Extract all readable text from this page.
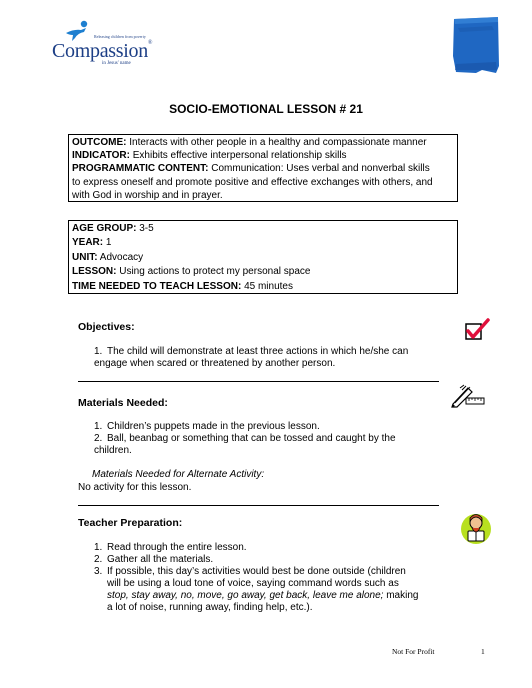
Releasing children from poverty
Compassion®
in Jesus' name
SOCIO-EMOTIONAL LESSON # 21
OUTCOME: Interacts with other people in a healthy and compassionate manner
INDICATOR: Exhibits effective interpersonal relationship skills
PROGRAMMATIC CONTENT: Communication: Uses verbal and nonverbal skills
to express oneself and promote positive and effective exchanges with others, and
with God in worship and in prayer.
AGE GROUP: 3-5
YEAR: 1
UNIT: Advocacy
LESSON: Using actions to protect my personal space
TIME NEEDED TO TEACH LESSON: 45 minutes
Objectives:
1. The child will demonstrate at least three actions in which he/she can
engage when scared or threatened by another person.
Materials Needed:
1. Children’s puppets made in the previous lesson.
2. Ball, beanbag or something that can be tossed and caught by the
children.
Materials Needed for Alternate Activity:
No activity for this lesson.
Teacher Preparation:
1. Read through the entire lesson.
2. Gather all the materials.
3. If possible, this day’s activities would best be done outside (children
will be using a loud tone of voice, saying command words such as
stop, stay away, no, move, go away, get back, leave me alone; making
a lot of noise, running away, finding help, etc.).
Not For Profit	1
